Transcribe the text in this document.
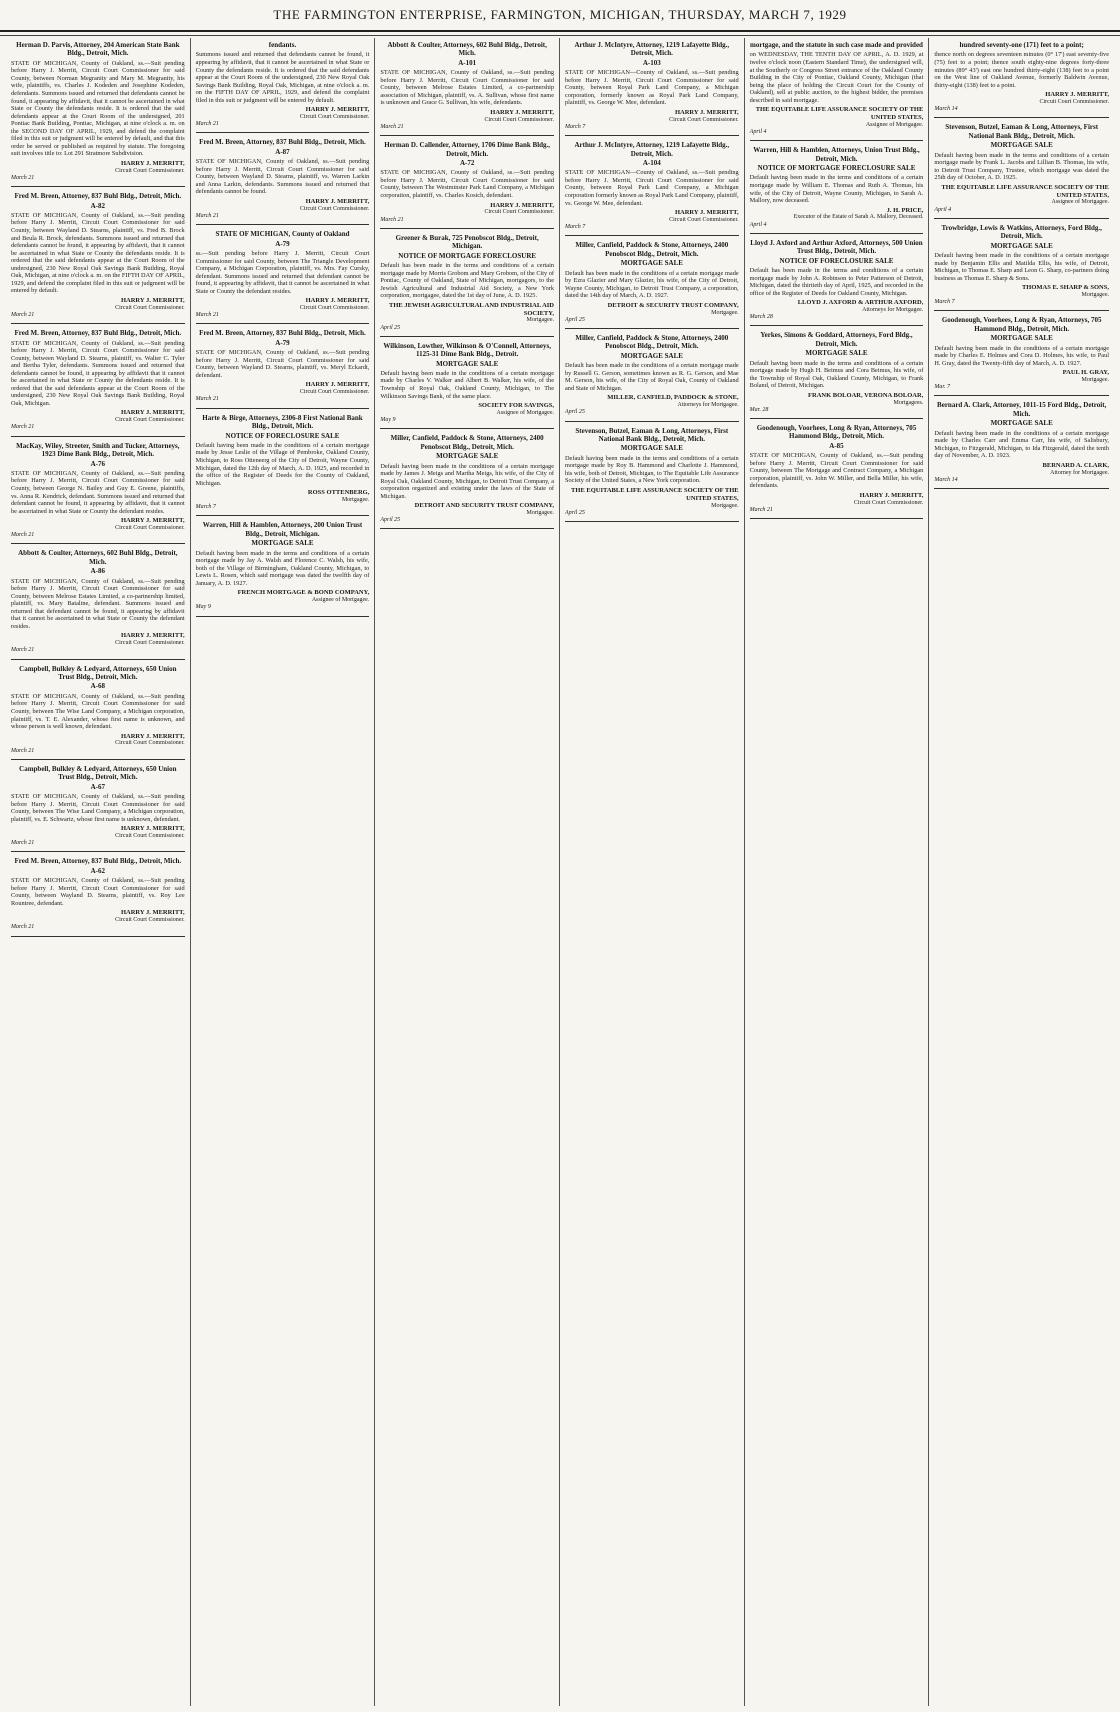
THE FARMINGTON ENTERPRISE, FARMINGTON, MICHIGAN, THURSDAY, MARCH 7, 1929
Herman D. Parvis, Attorney, 204 American State Bank Bldg., Detroit, Mich.
STATE OF MICHIGAN, County of Oakland, ss.—Suit pending before Harry J. Merritt, Circuit Court Commissioner for said County, between Norman Megranity and Mary M. Megranity, his wife, plaintiffs, vs. Charles J. Kodeden and Josephine Kodeden, defendants. Summons issued and returned that defendants cannot be found, it appearing by affidavit, that it cannot be ascertained in what State or County the defendants reside. It is ordered that the said defendants appear at the Court Room of the undersigned, 201 Pontiac Bank Building, Pontiac, Michigan, at nine o'clock a. m. on the SECOND DAY OF APRIL, 1929, and defend the complaint filed in this suit or judgment will be entered by default, and that this order be served or published as required by statute. The foregoing suit involves title to: Lot 291 Stratmore Subdivision.
HARRY J. MERRITT,
Circuit Court Commissioner.
March 21
Fred M. Breen, Attorney, 837 Buhl Bldg., Detroit, Mich.
A-82
STATE OF MICHIGAN, County of Oakland, ss.—Suit pending before Harry J. Merritt, Circuit Court Commissioner for said County, between Wayland D. Stearns, plaintiff, vs. Fred B. Brock and Beula R. Brock, defendants. Summons issued and returned that defendants cannot be found, it appearing by affidavit, that it cannot be ascertained in what State or County the defendants reside. It is ordered that the said defendants appear at the Court Room of the undersigned, 230 New Royal Oak Savings Bank Building, Royal Oak, Michigan, at nine o'clock a. m. on the FIFTH DAY OF APRIL, 1929, and defend the complaint filed in this suit or judgment will be entered by default.
HARRY J. MERRITT,
Circuit Court Commissioner.
March 21
Fred M. Breen, Attorney, 837 Buhl Bldg., Detroit, Mich.
STATE OF MICHIGAN, County of Oakland, ss.—Suit pending before Harry J. Merritt, Circuit Court Commissioner for said County, between Wayland D. Stearns, plaintiff, vs. Walter C. Tyler and Bertha Tyler, defendants. Summons issued and returned that defendants cannot be found, it appearing by affidavit that it cannot be ascertained in what State or County the defendants reside. It is ordered that the said defendants appear at the Court Room of the undersigned, 230 New Royal Oak Savings Bank Building, Royal Oak, Michigan.
HARRY J. MERRITT,
Circuit Court Commissioner.
March 21
MacKay, Wiley, Streeter, Smith and Tucker, Attorneys, 1923 Dime Bank Bldg., Detroit, Mich.
A-76
STATE OF MICHIGAN, County of Oakland, ss.—Suit pending before Harry J. Merritt, Circuit Court Commissioner for said County, between George N. Bailey and Guy E. Greene, plaintiffs, vs. Anna R. Kendrick, defendant. Summons issued and returned that defendant cannot be found, it appearing by affidavit, that it cannot be ascertained in what State or County the defendant resides.
HARRY J. MERRITT,
Circuit Court Commissioner.
March 21
Abbott & Coulter, Attorneys, 602 Buhl Bldg., Detroit, Mich.
A-86
STATE OF MICHIGAN, County of Oakland, ss.—Suit pending before Harry J. Merritt, Circuit Court Commissioner for said County, between Melrose Estates Limited, a co-partnership limited, plaintiff, vs. Mary Bataline, defendant. Summons issued and returned that defendant cannot be found, it appearing by affidavit that it cannot be ascertained in what State or County the defendant resides.
HARRY J. MERRITT,
Circuit Court Commissioner.
March 21
Campbell, Bulkley & Ledyard, Attorneys, 650 Union Trust Bldg., Detroit, Mich.
A-68
STATE OF MICHIGAN, County of Oakland, ss.—Suit pending before Harry J. Merritt, Circuit Court Commissioner for said County, between The Wise Land Company, a Michigan corporation, plaintiff, vs. T. E. Alexander, whose first name is unknown, and whose person is well known, defendant.
HARRY J. MERRITT,
Circuit Court Commissioner.
March 21
Campbell, Bulkley & Ledyard, Attorneys, 650 Union Trust Bldg., Detroit, Mich.
A-67
STATE OF MICHIGAN, County of Oakland, ss.—Suit pending before Harry J. Merritt, Circuit Court Commissioner for said County, between The Wise Land Company, a Michigan corporation, plaintiff, vs. E. Schwartz, whose first name is unknown, defendant.
HARRY J. MERRITT,
Circuit Court Commissioner.
March 21
Fred M. Breen, Attorney, 837 Buhl Bldg., Detroit, Mich.
A-62
STATE OF MICHIGAN, County of Oakland, ss.—Suit pending before Harry J. Merritt, Circuit Court Commissioner for said County, between Wayland D. Stearns, plaintiff, vs. Roy Lee Rountree, defendant.
HARRY J. MERRITT,
Circuit Court Commissioner.
March 21
fendants.
Summons issued and returned that defendants cannot be found, it appearing by affidavit, that it cannot be ascertained in what State or County the defendants reside. It is ordered that the said defendants appear at the Court Room of the undersigned, 230 New Royal Oak Savings Bank Building, Royal Oak, Michigan, at nine o'clock a. m. on the FIFTH DAY OF APRIL, 1929, and defend the complaint filed in this suit or judgment will be entered by default.
HARRY J. MERRITT,
Circuit Court Commissioner.
March 21
Fred M. Breen, Attorney, 837 Buhl Bldg., Detroit, Mich.
A-87
STATE OF MICHIGAN, County of Oakland, ss.—Suit pending before Harry J. Merritt, Circuit Court Commissioner for said County, between Wayland D. Stearns, plaintiff, vs. Warren Larkin and Anna Larkin, defendants. Summons issued and returned that defendants cannot be found.
HARRY J. MERRITT,
Circuit Court Commissioner.
March 21
STATE OF MICHIGAN, County of Oakland
A-79
ss.—Suit pending before Harry J. Merritt, Circuit Court Commissioner for said County, between The Triangle Development Company, a Michigan Corporation, plaintiff, vs. Mrs. Fay Cursky, defendant. Summons issued and returned that defendant cannot be found, it appearing by affidavit, that it cannot be ascertained in what State or County the defendant resides.
HARRY J. MERRITT,
Circuit Court Commissioner.
March 21
Fred M. Breen, Attorney, 837 Buhl Bldg., Detroit, Mich.
A-79
STATE OF MICHIGAN, County of Oakland, ss.—Suit pending before Harry J. Merritt, Circuit Court Commissioner for said County, between Wayland D. Stearns, plaintiff, vs. Meryl Eckardt, defendant.
HARRY J. MERRITT,
Circuit Court Commissioner.
March 21
Harte & Birge, Attorneys, 2306-8 First National Bank Bldg., Detroit, Mich.
NOTICE OF FORECLOSURE SALE
Default having been made in the conditions of a certain mortgage made by Jesse Leslie of the Village of Pembroke, Oakland County, Michigan, to Ross Otteneerg of the City of Detroit, Wayne County, Michigan, dated the 12th day of March, A. D. 1925, and recorded in the office of the Register of Deeds for the County of Oakland, Michigan.
ROSS OTTENBERG,
Mortgagee.
March 7
Warren, Hill & Hamblen, Attorneys, 200 Union Trust Bldg., Detroit, Michigan.
MORTGAGE SALE
Default having been made in the terms and conditions of a certain mortgage made by Jay A. Walsh and Florence C. Walsh, his wife, both of the Village of Birmingham, Oakland County, Michigan, to Lewis L. Rosen, which said mortgage was dated the twelfth day of January, A. D. 1927.
FRENCH MORTGAGE & BOND COMPANY,
Assignee of Mortgagee.
May 9
Abbott & Coulter, Attorneys, 602 Buhl Bldg., Detroit, Mich.
A-101
STATE OF MICHIGAN, County of Oakland, ss.—Suit pending before Harry J. Merritt, Circuit Court Commissioner for said County, between Melrose Estates Limited, a co-partnership association of Michigan, plaintiff, vs. A. Sullivan, whose first name is unknown and Grace G. Sullivan, his wife, defendants.
HARRY J. MERRITT,
Circuit Court Commissioner.
March 21
Herman D. Callender, Attorney, 1706 Dime Bank Bldg., Detroit, Mich.
A-72
STATE OF MICHIGAN, County of Oakland, ss.—Suit pending before Harry J. Merritt, Circuit Court Commissioner for said County, between The Westminster Park Land Company, a Michigan corporation, plaintiff, vs. Charles Kosich, defendant.
HARRY J. MERRITT,
Circuit Court Commissioner.
March 21
Greener & Burak, 725 Penobscot Bldg., Detroit, Michigan.
NOTICE OF MORTGAGE FORECLOSURE
Default has been made in the terms and conditions of a certain mortgage made by Morris Grobom and Mary Grobom, of the City of Pontiac, County of Oakland, State of Michigan, mortgagors, to the Jewish Agricultural and Industrial Aid Society, a New York corporation, mortgagee, dated the 1st day of June, A. D. 1925.
THE JEWISH AGRICULTURAL AND INDUSTRIAL AID SOCIETY,
Mortgagee.
April 25
Wilkinson, Lowther, Wilkinson & O'Connell, Attorneys, 1125-31 Dime Bank Bldg., Detroit.
MORTGAGE SALE
Default having been made in the conditions of a certain mortgage made by Charles V. Walker and Albert B. Walker, his wife, of the Township of Royal Oak, Oakland County, Michigan, to The Wilkinson Savings Bank, of the same place.
SOCIETY FOR SAVINGS,
Assignee of Mortgagee.
May 9
Miller, Canfield, Paddock & Stone, Attorneys, 2400 Penobscot Bldg., Detroit, Mich.
MORTGAGE SALE
Default having been made in the conditions of a certain mortgage made by James J. Meigs and Martha Meigs, his wife, of the City of Royal Oak, Oakland County, Michigan, to Detroit Trust Company, a corporation organized and existing under the laws of the State of Michigan.
DETROIT AND SECURITY TRUST COMPANY,
Mortgagee.
April 25
Arthur J. McIntyre, Attorney, 1219 Lafayette Bldg., Detroit, Mich.
A-103
STATE OF MICHIGAN—County of Oakland, ss.—Suit pending before Harry J. Merritt, Circuit Court Commissioner for said County, between Royal Park Land Company, a Michigan corporation, formerly known as Royal Park Land Company, plaintiff, vs. George W. Mee, defendant.
HARRY J. MERRITT,
Circuit Court Commissioner.
March 7
Arthur J. McIntyre, Attorney, 1219 Lafayette Bldg., Detroit, Mich.
A-104
STATE OF MICHIGAN—County of Oakland, ss.—Suit pending before Harry J. Merritt, Circuit Court Commissioner for said County, between Royal Park Land Company, a Michigan corporation formerly known as Royal Park Land Company, plaintiff, vs. George W. Mee, defendant.
HARRY J. MERRITT,
Circuit Court Commissioner.
March 7
Miller, Canfield, Paddock & Stone, Attorneys, 2400 Penobscot Bldg., Detroit, Mich.
MORTGAGE SALE
Default has been made in the conditions of a certain mortgage made by Ezra Glazier and Mary Glazier, his wife, of the City of Detroit, Wayne County, Michigan, to Detroit Trust Company, a corporation, dated the 14th day of March, A. D. 1927.
DETROIT & SECURITY TRUST COMPANY,
Mortgagee.
April 25
Miller, Canfield, Paddock & Stone, Attorneys, 2400 Penobscot Bldg., Detroit, Mich.
MORTGAGE SALE
Default has been made in the conditions of a certain mortgage made by Russell G. Gerson, sometimes known as R. G. Gerson, and Mae M. Gerson, his wife, of the City of Royal Oak, County of Oakland and State of Michigan.
MILLER, CANFIELD, PADDOCK & STONE,
Attorneys for Mortgagee.
April 25
Stevenson, Butzel, Eaman & Long, Attorneys, First National Bank Bldg., Detroit, Mich.
MORTGAGE SALE
Default having been made in the terms and conditions of a certain mortgage made by Roy B. Hammond and Charlotte J. Hammond, his wife, both of Detroit, Michigan, to The Equitable Life Assurance Society of the United States, a New York corporation.
THE EQUITABLE LIFE ASSURANCE SOCIETY OF THE UNITED STATES,
Mortgagee.
April 25
mortgage, and the statute in such case made and provided
on WEDNESDAY, THE TENTH DAY OF APRIL, A. D. 1929, at twelve o'clock noon (Eastern Standard Time), the undersigned will, at the Southerly or Congress Street entrance of the Oakland County Building in the City of Pontiac, Oakland County, Michigan (that being the place of holding the Circuit Court for the County of Oakland), sell at public auction, to the highest bidder, the premises described in said mortgage.
THE EQUITABLE LIFE ASSURANCE SOCIETY OF THE UNITED STATES,
Assignee of Mortgagee.
April 4
Warren, Hill & Hamblen, Attorneys, Union Trust Bldg., Detroit, Mich.
NOTICE OF MORTGAGE FORECLOSURE SALE
Default having been made in the terms and conditions of a certain mortgage made by William E. Thomas and Ruth A. Thomas, his wife, of the City of Detroit, Wayne County, Michigan, to Sarah A. Mallory, now deceased.
J. H. PRICE,
Executor of the Estate of Sarah A. Mallory, Deceased.
April 4
Lloyd J. Axford and Arthur Axford, Attorneys, 500 Union Trust Bldg., Detroit, Mich.
NOTICE OF FORECLOSURE SALE
Default has been made in the terms and conditions of a certain mortgage made by John A. Robinson to Peter Patterson of Detroit, Michigan, dated the thirtieth day of April, 1925, and recorded in the office of the Register of Deeds for Oakland County, Michigan.
LLOYD J. AXFORD & ARTHUR AXFORD,
Attorneys for Mortgagee.
March 28
Yerkes, Simons & Goddard, Attorneys, Ford Bldg., Detroit, Mich.
MORTGAGE SALE
Default having been made in the terms and conditions of a certain mortgage made by Hugh H. Beimus and Cora Beimus, his wife, of the Township of Royal Oak, Oakland County, Michigan, to Frank Boland, of Detroit, Michigan.
FRANK BOLOAR, VERONA BOLOAR,
Mortgagees.
Mar. 28
Goodenough, Voorhees, Long & Ryan, Attorneys, 705 Hammond Bldg., Detroit, Mich.
A-85
STATE OF MICHIGAN, County of Oakland, ss.—Suit pending before Harry J. Merritt, Circuit Court Commissioner for said County, between The Mortgage and Contract Company, a Michigan corporation, plaintiff, vs. John W. Miller, and Bella Miller, his wife, defendants.
HARRY J. MERRITT,
Circuit Court Commissioner.
March 21
hundred seventy-one (171) feet to a point;
thence north on degrees seventeen minutes (0° 17') east seventy-five (75) feet to a point; thence south eighty-nine degrees forty-three minutes (89° 43') east one hundred thirty-eight (138) feet to a point on the West line of Oakland Avenue, formerly Baldwin Avenue, thirty-eight (138) feet to a point.
HARRY J. MERRITT,
Circuit Court Commissioner.
March 14
Stevenson, Butzel, Eaman & Long, Attorneys, First National Bank Bldg., Detroit, Mich.
MORTGAGE SALE
Default having been made in the terms and conditions of a certain mortgage made by Frank L. Jacobs and Lillian B. Thomas, his wife, to Detroit Trust Company, Trustee, which mortgage was dated the 25th day of October, A. D. 1925.
THE EQUITABLE LIFE ASSURANCE SOCIETY OF THE UNITED STATES,
Assignee of Mortgagee.
April 4
Trowbridge, Lewis & Watkins, Attorneys, Ford Bldg., Detroit, Mich.
MORTGAGE SALE
Default having been made in the conditions of a certain mortgage made by Benjamin Ellis and Matilda Ellis, his wife, of Detroit, Michigan, to Thomas E. Sharp and Leon G. Sharp, co-partners doing business as Thomas E. Sharp & Sons.
THOMAS E. SHARP & SONS,
Mortgagee.
March 7
Goodenough, Voorhees, Long & Ryan, Attorneys, 705 Hammond Bldg., Detroit, Mich.
MORTGAGE SALE
Default having been made in the conditions of a certain mortgage made by Charles E. Holmes and Cora D. Holmes, his wife, to Paul H. Gray, dated the Twenty-fifth day of March, A. D. 1927.
PAUL H. GRAY,
Mortgagee.
Mar. 7
Bernard A. Clark, Attorney, 1011-15 Ford Bldg., Detroit, Mich.
MORTGAGE SALE
Default having been made in the conditions of a certain mortgage made by Charles Carr and Emma Carr, his wife, of Salisbury, Michigan, to Fitzgerald, Michigan, to Ida Fitzgerald, dated the tenth day of November, A. D. 1923.
BERNARD A. CLARK,
Attorney for Mortgagee.
March 14
